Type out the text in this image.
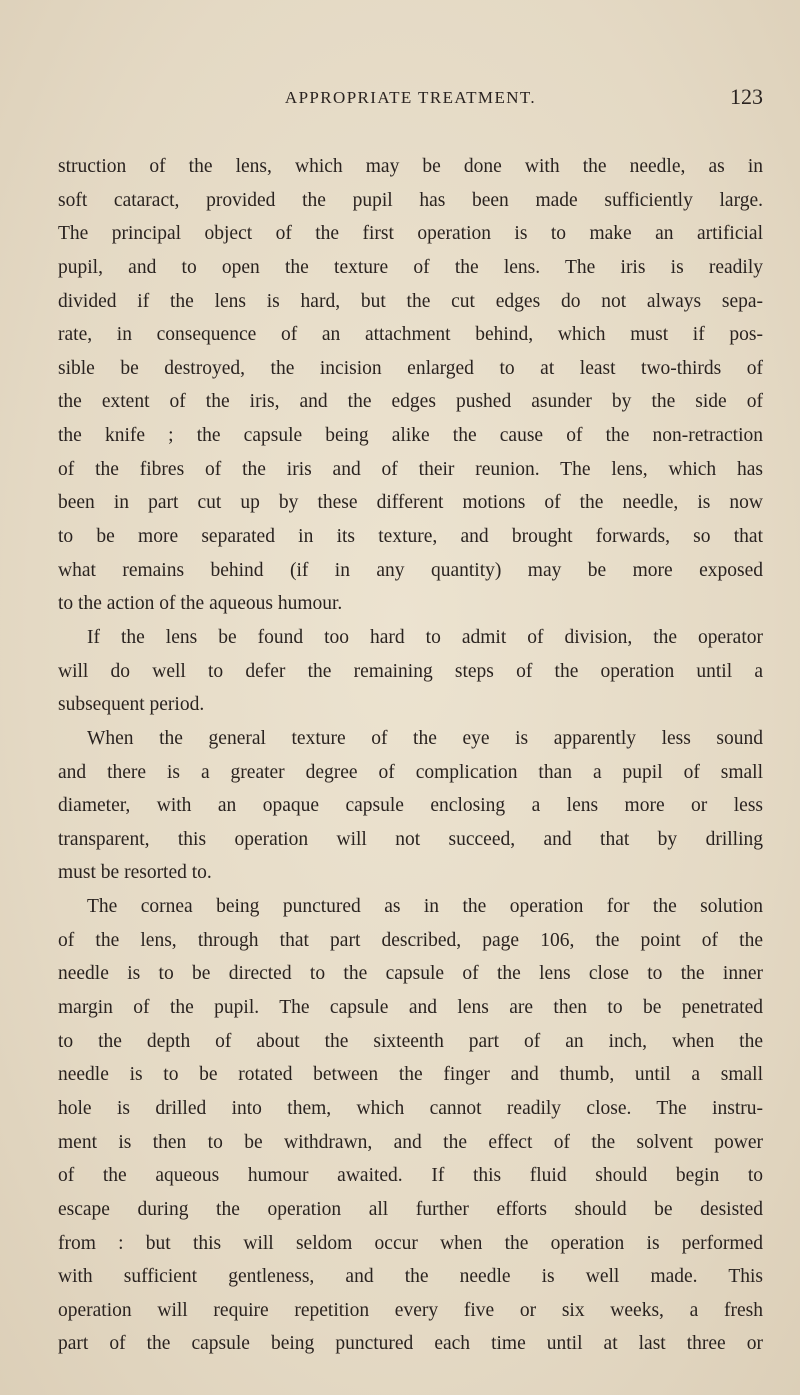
APPROPRIATE TREATMENT.	123
struction of the lens, which may be done with the needle, as in
soft cataract, provided the pupil has been made sufficiently large.
The principal object of the first operation is to make an artificial
pupil, and to open the texture of the lens. The iris is readily
divided if the lens is hard, but the cut edges do not always sepa-
rate, in consequence of an attachment behind, which must if pos-
sible be destroyed, the incision enlarged to at least two-thirds of
the extent of the iris, and the edges pushed asunder by the side of
the knife ; the capsule being alike the cause of the non-retraction
of the fibres of the iris and of their reunion. The lens, which has
been in part cut up by these different motions of the needle, is now
to be more separated in its texture, and brought forwards, so that
what remains behind (if in any quantity) may be more exposed
to the action of the aqueous humour.
If the lens be found too hard to admit of division, the operator
will do well to defer the remaining steps of the operation until a
subsequent period.
When the general texture of the eye is apparently less sound
and there is a greater degree of complication than a pupil of small
diameter, with an opaque capsule enclosing a lens more or less
transparent, this operation will not succeed, and that by drilling
must be resorted to.
The cornea being punctured as in the operation for the solution
of the lens, through that part described, page 106, the point of the
needle is to be directed to the capsule of the lens close to the inner
margin of the pupil. The capsule and lens are then to be penetrated
to the depth of about the sixteenth part of an inch, when the
needle is to be rotated between the finger and thumb, until a small
hole is drilled into them, which cannot readily close. The instru-
ment is then to be withdrawn, and the effect of the solvent power
of the aqueous humour awaited. If this fluid should begin to
escape during the operation all further efforts should be desisted
from : but this will seldom occur when the operation is performed
with sufficient gentleness, and the needle is well made. This
operation will require repetition every five or six weeks, a fresh
part of the capsule being punctured each time until at last three or
